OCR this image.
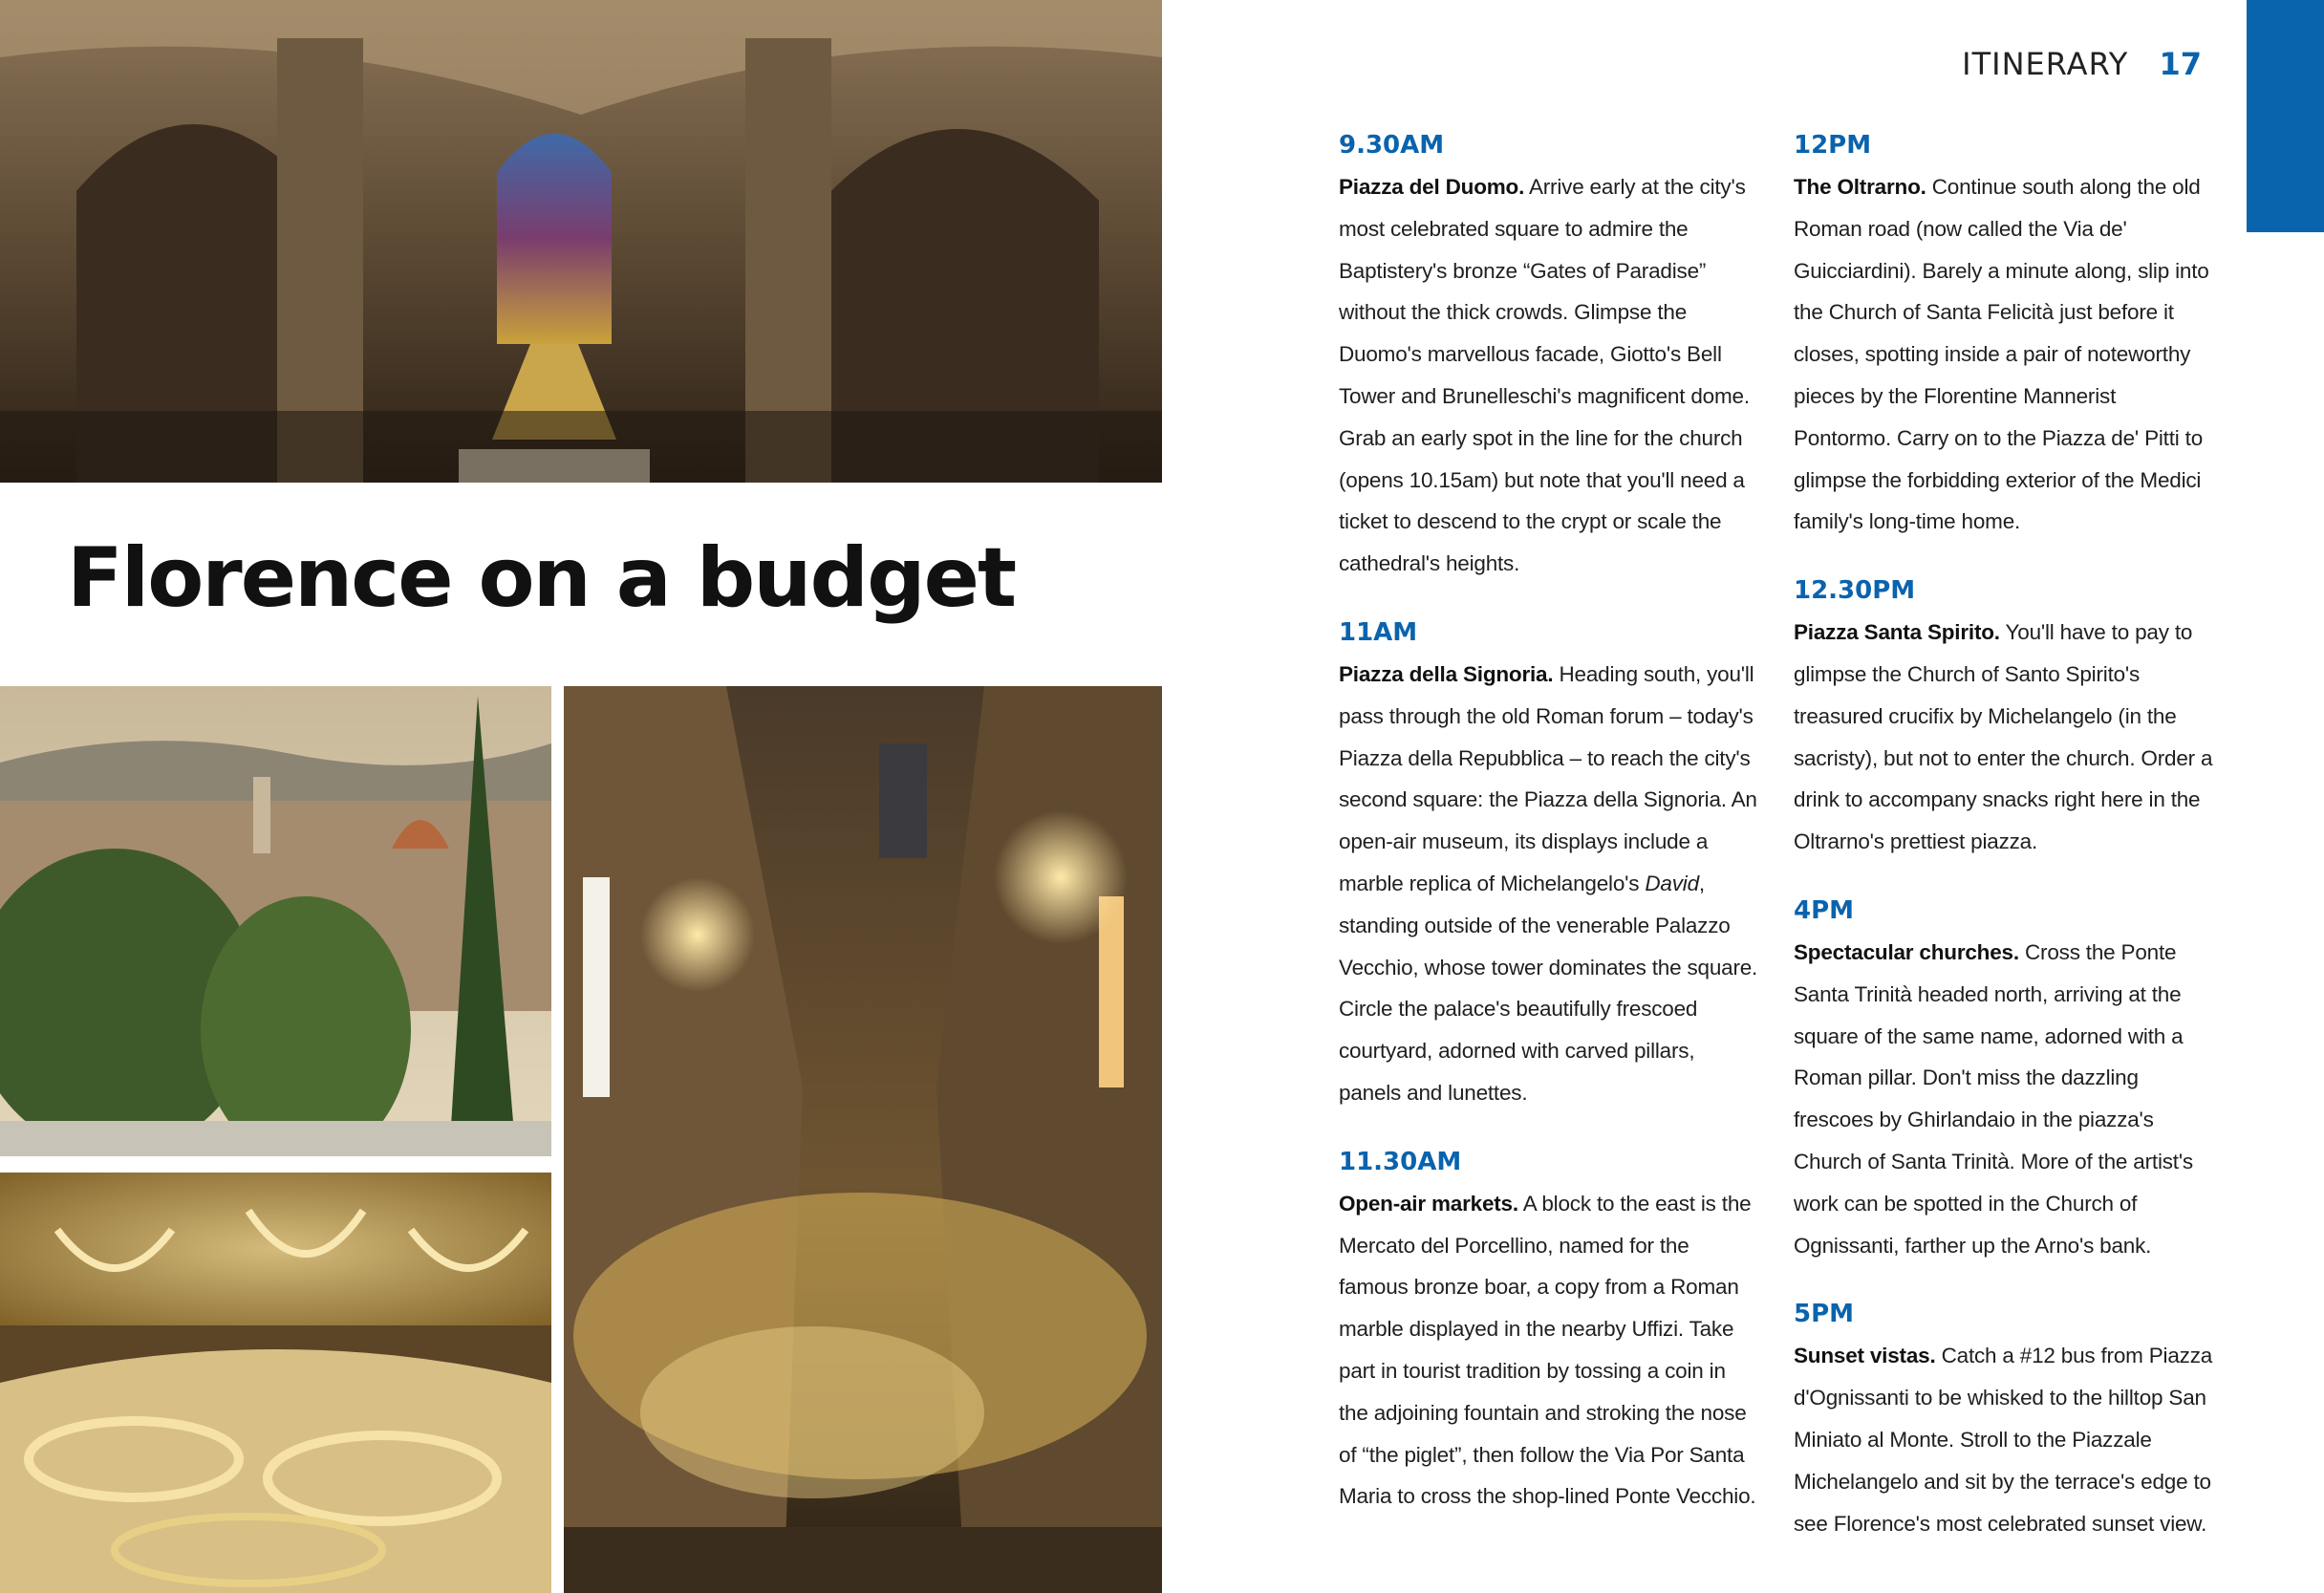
Florence on a budget
ITINERARY 17
9.30AM

Piazza del Duomo. Arrive early at the city's most celebrated square to admire the Baptistery's bronze “Gates of Paradise” without the thick crowds. Glimpse the Duomo's marvellous facade, Giotto's Bell Tower and Brunelleschi's magnificent dome. Grab an early spot in the line for the church (opens 10.15am) but note that you'll need a ticket to descend to the crypt or scale the cathedral's heights.

11AM

Piazza della Signoria. Heading south, you'll pass through the old Roman forum – today's Piazza della Repubblica – to reach the city's second square: the Piazza della Signoria. An open-air museum, its displays include a marble replica of Michelangelo's David, standing outside of the venerable Palazzo Vecchio, whose tower dominates the square. Circle the palace's beautifully frescoed courtyard, adorned with carved pillars, panels and lunettes.

11.30AM

Open-air markets. A block to the east is the Mercato del Porcellino, named for the famous bronze boar, a copy from a Roman marble displayed in the nearby Uffizi. Take part in tourist tradition by tossing a coin in the adjoining fountain and stroking the nose of “the piglet”, then follow the Via Por Santa Maria to cross the shop-lined Ponte Vecchio.

12PM

The Oltrarno. Continue south along the old Roman road (now called the Via de' Guicciardini). Barely a minute along, slip into the Church of Santa Felicità just before it closes, spotting inside a pair of noteworthy pieces by the Florentine Mannerist Pontormo. Carry on to the Piazza de' Pitti to glimpse the forbidding exterior of the Medici family's long-time home.

12.30PM

Piazza Santa Spirito. You'll have to pay to glimpse the Church of Santo Spirito's treasured crucifix by Michelangelo (in the sacristy), but not to enter the church. Order a drink to accompany snacks right here in the Oltrarno's prettiest piazza.

4PM

Spectacular churches. Cross the Ponte Santa Trinità headed north, arriving at the square of the same name, adorned with a Roman pillar. Don't miss the dazzling frescoes by Ghirlandaio in the piazza's Church of Santa Trinità. More of the artist's work can be spotted in the Church of Ognissanti, farther up the Arno's bank.

5PM

Sunset vistas. Catch a #12 bus from Piazza d'Ognissanti to be whisked to the hilltop San Miniato al Monte. Stroll to the Piazzale Michelangelo and sit by the terrace's edge to see Florence's most celebrated sunset view.
